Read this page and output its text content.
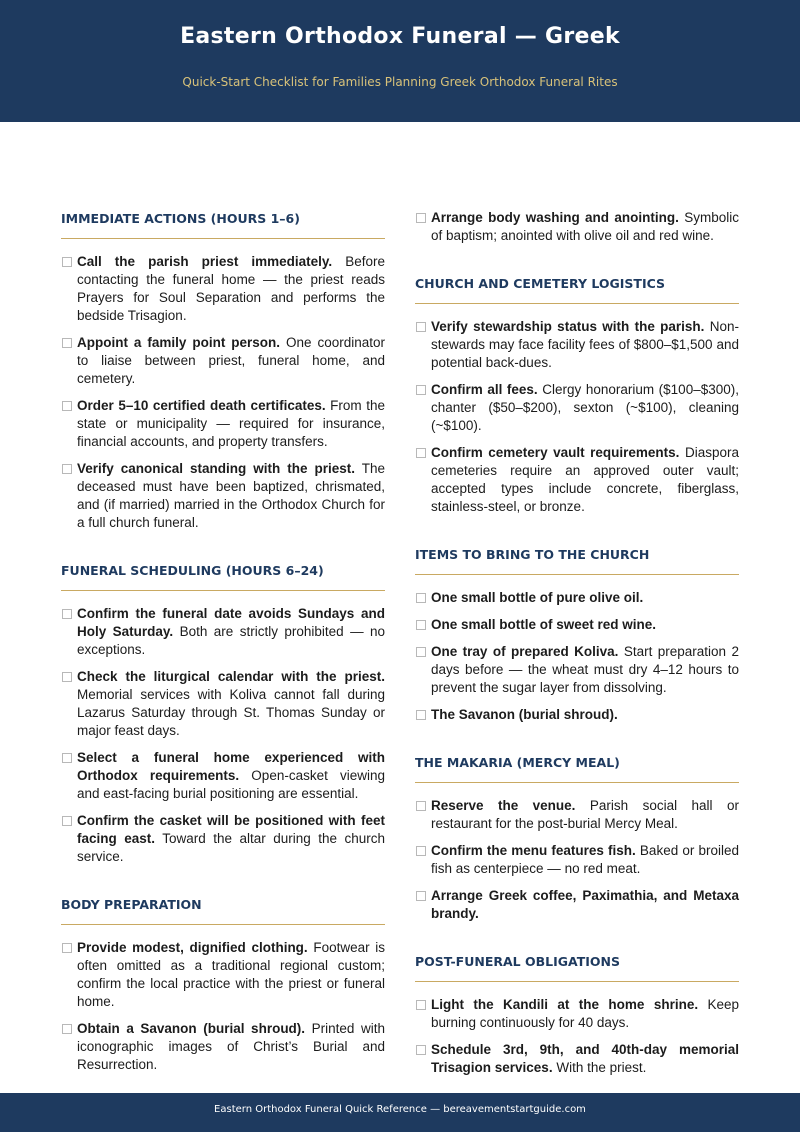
Eastern Orthodox Funeral — Greek
Quick-Start Checklist for Families Planning Greek Orthodox Funeral Rites
IMMEDIATE ACTIONS (HOURS 1–6)
Call the parish priest immediately. Before contacting the funeral home — the priest reads Prayers for Soul Separation and performs the bedside Trisagion.
Appoint a family point person. One coordinator to liaise between priest, funeral home, and cemetery.
Order 5–10 certified death certificates. From the state or municipality — required for insurance, financial accounts, and property transfers.
Verify canonical standing with the priest. The deceased must have been baptized, chrismated, and (if married) married in the Orthodox Church for a full church funeral.
FUNERAL SCHEDULING (HOURS 6–24)
Confirm the funeral date avoids Sundays and Holy Saturday. Both are strictly prohibited — no exceptions.
Check the liturgical calendar with the priest. Memorial services with Koliva cannot fall during Lazarus Saturday through St. Thomas Sunday or major feast days.
Select a funeral home experienced with Orthodox requirements. Open-casket viewing and east-facing burial positioning are essential.
Confirm the casket will be positioned with feet facing east. Toward the altar during the church service.
BODY PREPARATION
Provide modest, dignified clothing. Footwear is often omitted as a traditional regional custom; confirm the local practice with the priest or funeral home.
Obtain a Savanon (burial shroud). Printed with iconographic images of Christ’s Burial and Resurrection.
Arrange body washing and anointing. Symbolic of baptism; anointed with olive oil and red wine.
CHURCH AND CEMETERY LOGISTICS
Verify stewardship status with the parish. Non-stewards may face facility fees of $800–$1,500 and potential back-dues.
Confirm all fees. Clergy honorarium ($100–$300), chanter ($50–$200), sexton (~$100), cleaning (~$100).
Confirm cemetery vault requirements. Diaspora cemeteries require an approved outer vault; accepted types include concrete, fiberglass, stainless-steel, or bronze.
ITEMS TO BRING TO THE CHURCH
One small bottle of pure olive oil.
One small bottle of sweet red wine.
One tray of prepared Koliva. Start preparation 2 days before — the wheat must dry 4–12 hours to prevent the sugar layer from dissolving.
The Savanon (burial shroud).
THE MAKARIA (MERCY MEAL)
Reserve the venue. Parish social hall or restaurant for the post-burial Mercy Meal.
Confirm the menu features fish. Baked or broiled fish as centerpiece — no red meat.
Arrange Greek coffee, Paximathia, and Metaxa brandy.
POST-FUNERAL OBLIGATIONS
Light the Kandili at the home shrine. Keep burning continuously for 40 days.
Schedule 3rd, 9th, and 40th-day memorial Trisagion services. With the priest.
Eastern Orthodox Funeral Quick Reference — bereavementstartguide.com
